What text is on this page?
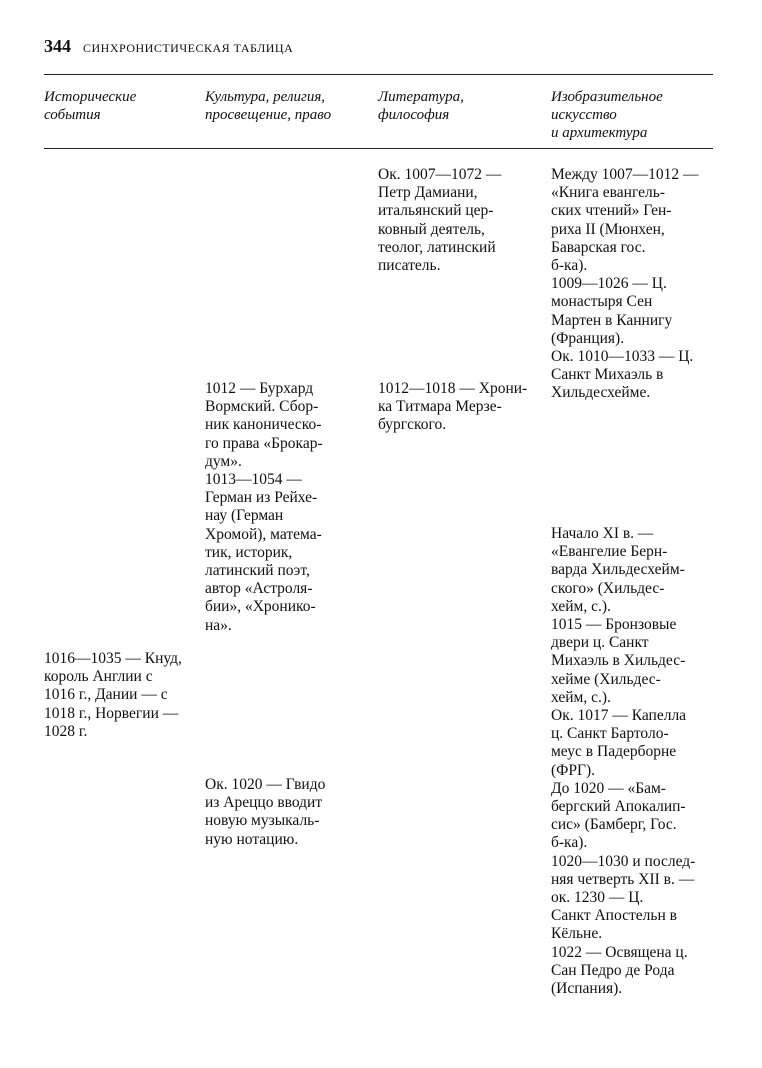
344 СИНХРОНИСТИЧЕСКАЯ ТАБЛИЦА
Исторические
события
Культура, религия,
просвещение, право
Литература,
философия
Изобразительное
искусство
и архитектура
1016—1035 — Кнуд,
король Англии с
1016 г., Дании — с
1018 г., Норвегии —
1028 г.
1012 — Бурхард
Вормский. Сбор-
ник каноническо-
го права «Брокар-
дум».
1013—1054 —
Герман из Рейхе-
нау (Герман
Хромой), матема-
тик, историк,
латинский поэт,
автор «Астроля-
бии», «Хронико-
на».
Ок. 1020 — Гвидо
из Ареццо вводит
новую музыкаль-
ную нотацию.
Ок. 1007—1072 —
Петр Дамиани,
итальянский цер-
ковный деятель,
теолог, латинский
писатель.
1012—1018 — Хрони-
ка Титмара Мерзе-
бургского.
Между 1007—1012 —
«Книга евангель-
ских чтений» Ген-
риха II (Мюнхен,
Баварская гос.
б-ка).
1009—1026 — Ц.
монастыря Сен
Мартен в Каннигу
(Франция).
Ок. 1010—1033 — Ц.
Санкт Михаэль в
Хильдесхейме.
Начало XI в. —
«Евангелие Берн-
варда Хильдесхейм-
ского» (Хильдес-
хейм, с.).
1015 — Бронзовые
двери ц. Санкт
Михаэль в Хильдес-
хейме (Хильдес-
хейм, с.).
Ок. 1017 — Капелла
ц. Санкт Бартоло-
меус в Падерборне
(ФРГ).
До 1020 — «Бам-
бергский Апокалип-
сис» (Бамберг, Гос.
б-ка).
1020—1030 и послед-
няя четверть XII в. —
ок. 1230 — Ц.
Санкт Апостельн в
Кёльне.
1022 — Освящена ц.
Сан Педро де Рода
(Испания).
